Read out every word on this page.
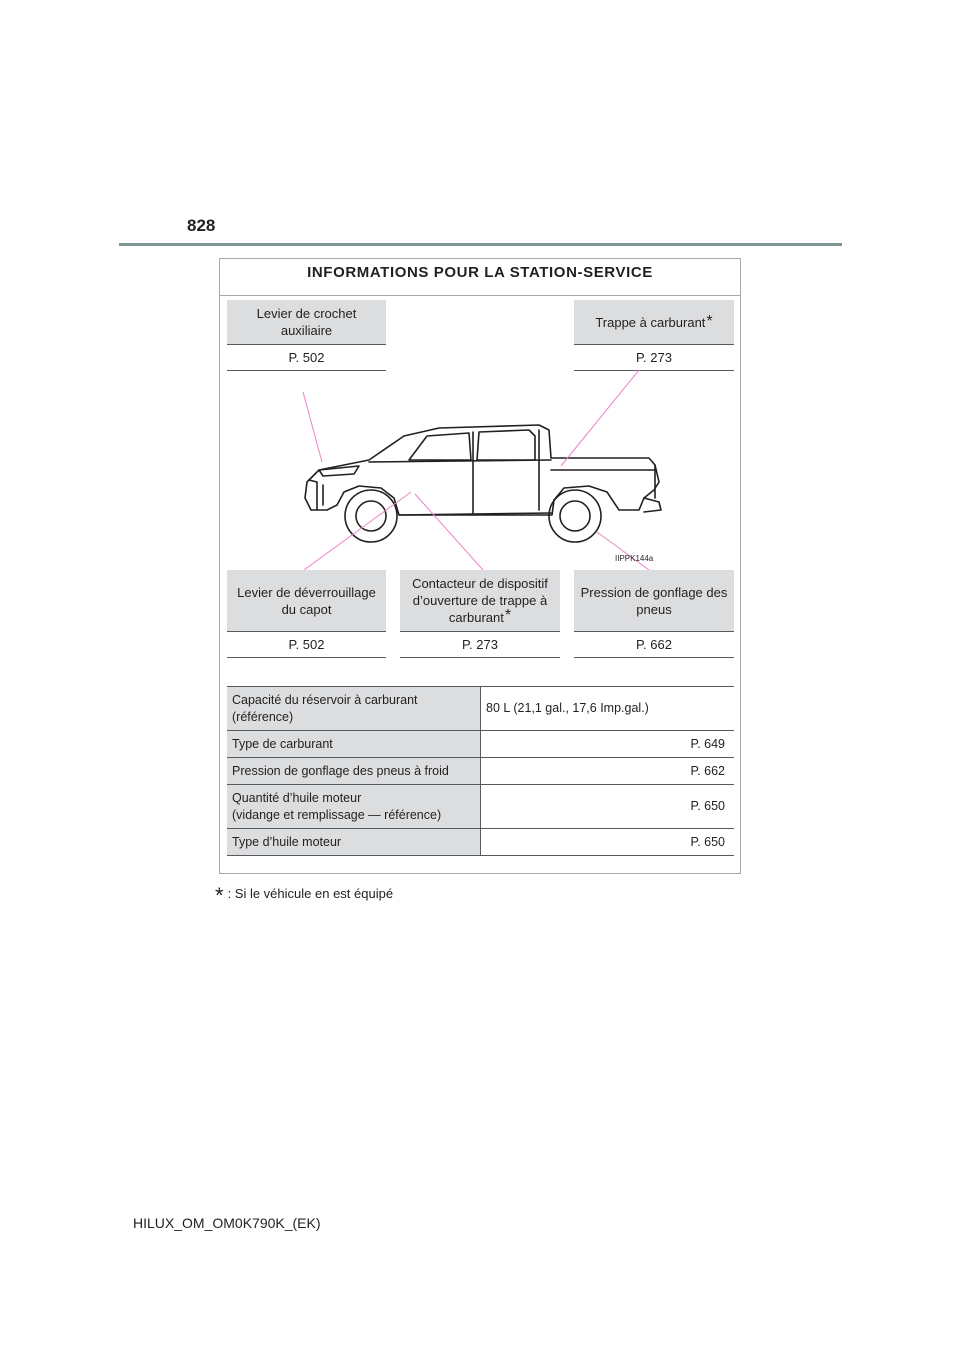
828
INFORMATIONS POUR LA STATION-SERVICE
Levier de crochet auxiliaire
P. 502
Trappe à carburant *
P. 273
IIPPK144a
Levier de déverrouillage du capot
P. 502
Contacteur de dispositif d’ouverture de trappe à carburant*
P. 273
Pression de gonflage des pneus
P. 662
Capacité du réservoir à carburant
(référence)	80 L (21,1 gal., 17,6 Imp.gal.)
Type de carburant	P. 649
Pression de gonflage des pneus à froid	P. 662
Quantité d’huile moteur
(vidange et remplissage — référence)	P. 650
Type d’huile moteur	P. 650
* : Si le véhicule en est équipé
HILUX_OM_OM0K790K_(EK)
